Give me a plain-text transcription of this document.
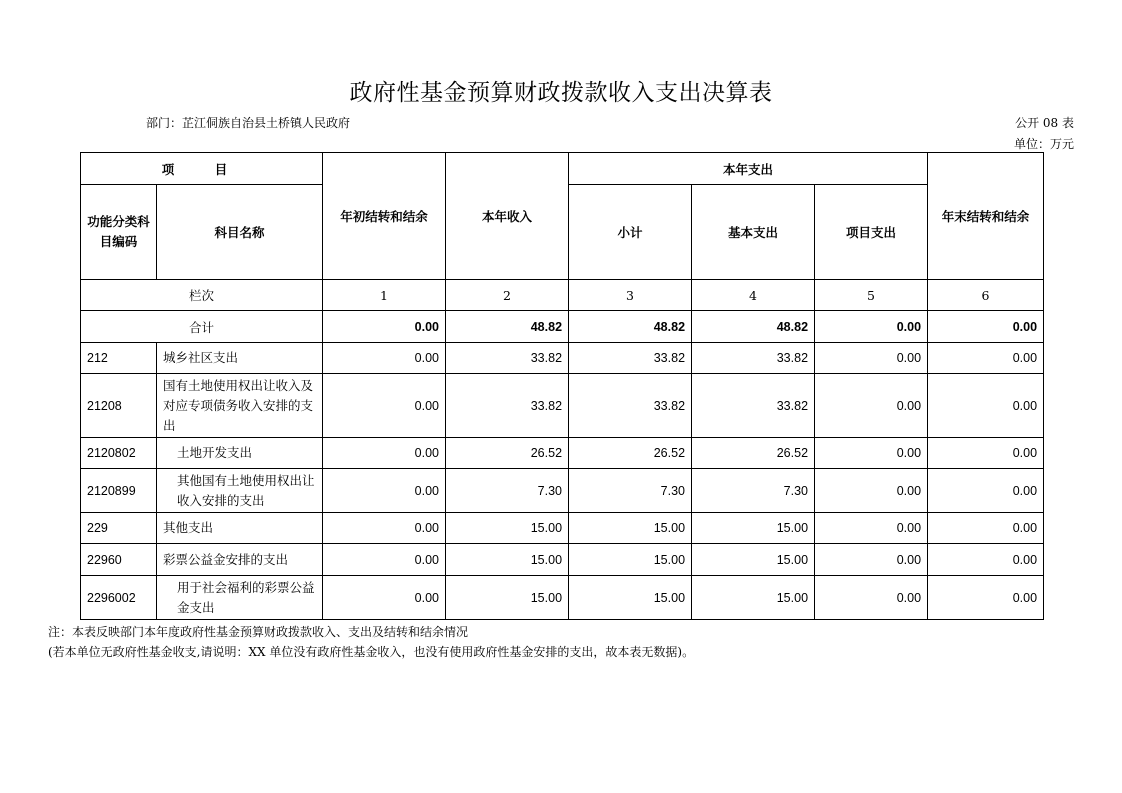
政府性基金预算财政拨款收入支出决算表
部门：芷江侗族自治县土桥镇人民政府	公开 08 表
单位：万元
项　目		年初结转和结余	本年收入	本年支出			年末结转和结余
功能分类科目编码	科目名称			小计	基本支出	项目支出	
栏次		1	2	3	4	5	6
合计		0.00	48.82	48.82	48.82	0.00	0.00
212	城乡社区支出	0.00	33.82	33.82	33.82	0.00	0.00
21208	国有土地使用权出让收入及对应专项债务收入安排的支出	0.00	33.82	33.82	33.82	0.00	0.00
2120802	土地开发支出	0.00	26.52	26.52	26.52	0.00	0.00
2120899	其他国有土地使用权出让收入安排的支出	0.00	7.30	7.30	7.30	0.00	0.00
229	其他支出	0.00	15.00	15.00	15.00	0.00	0.00
22960	彩票公益金安排的支出	0.00	15.00	15.00	15.00	0.00	0.00
2296002	用于社会福利的彩票公益金支出	0.00	15.00	15.00	15.00	0.00	0.00
注：本表反映部门本年度政府性基金预算财政拨款收入、支出及结转和结余情况
(若本单位无政府性基金收支,请说明：XX 单位没有政府性基金收入，也没有使用政府性基金安排的支出，故本表无数据)。
